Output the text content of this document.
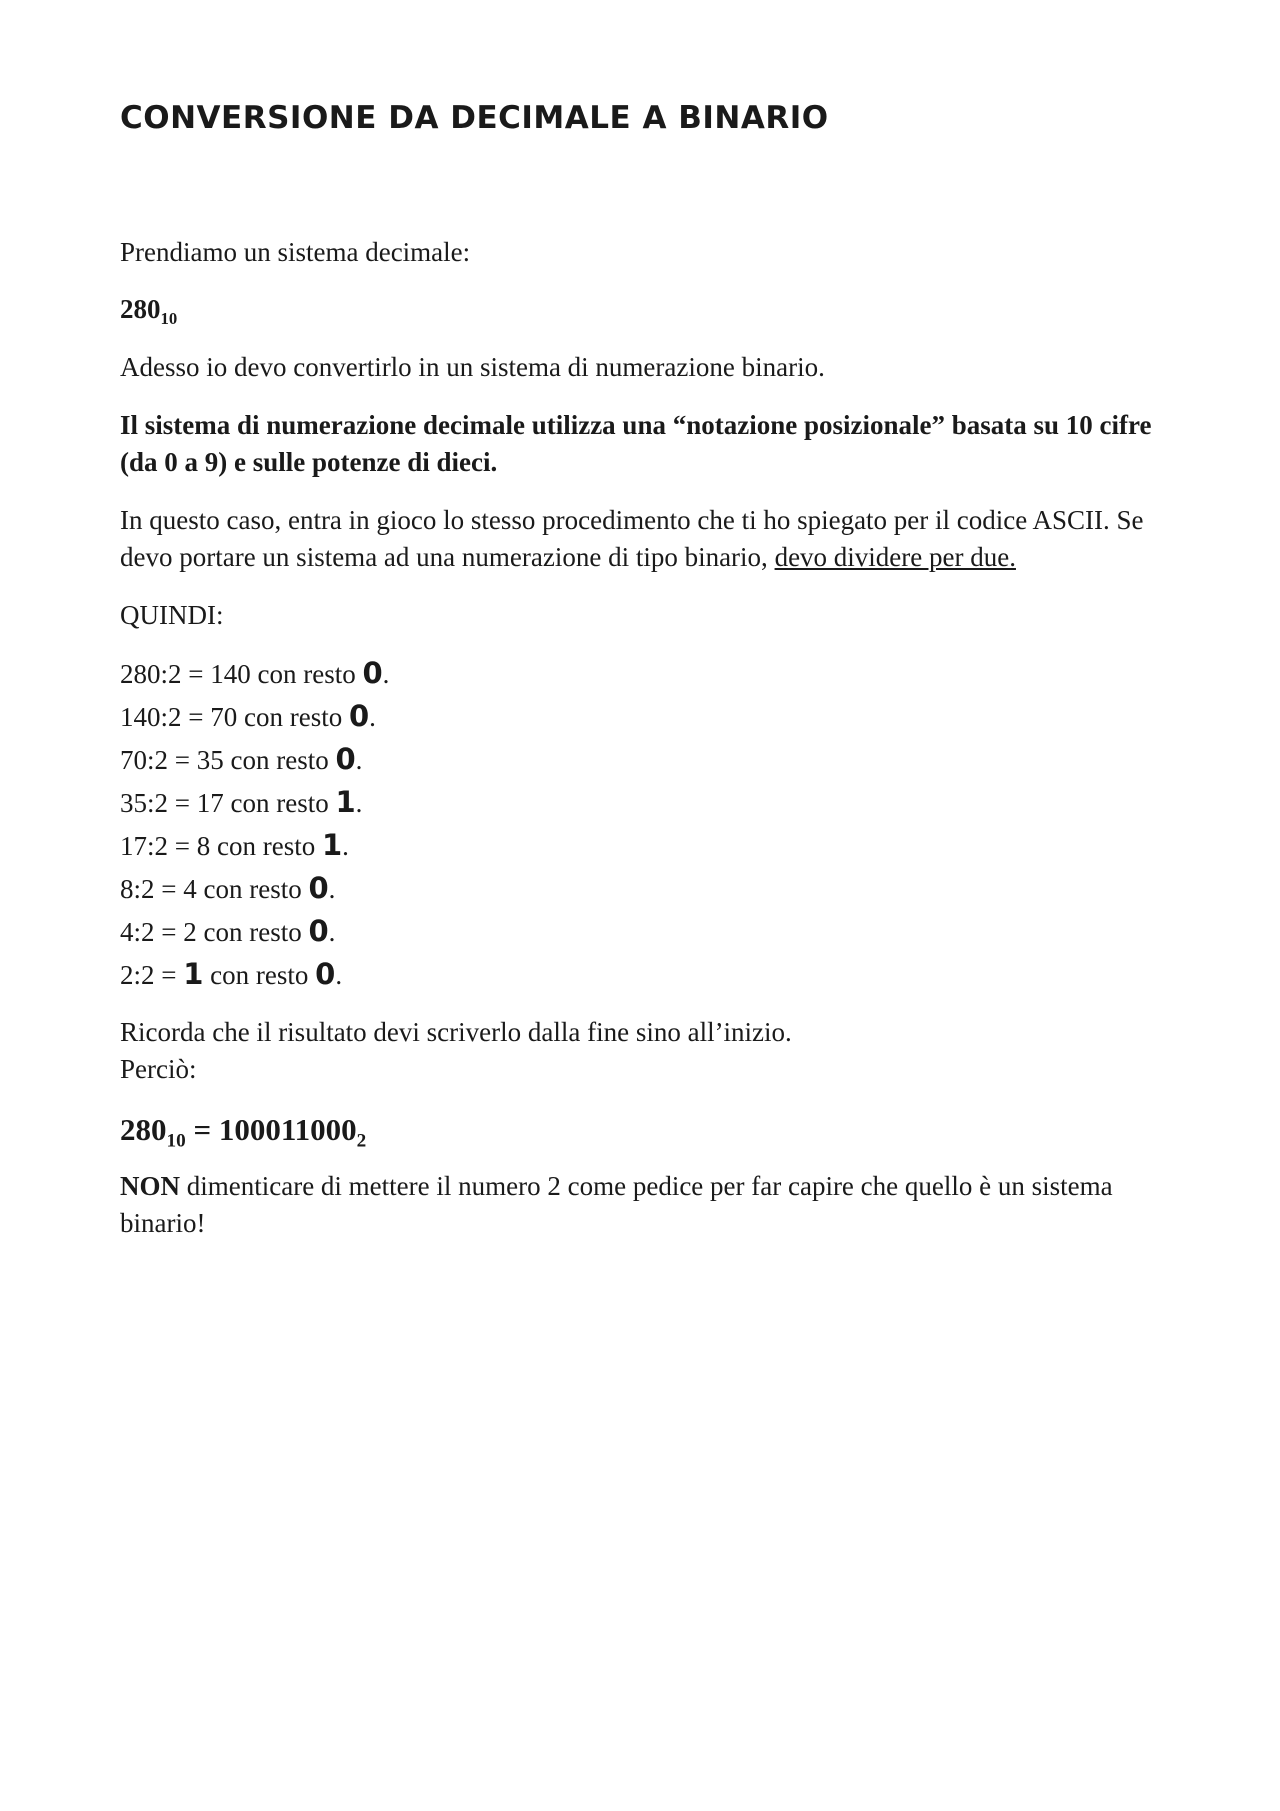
CONVERSIONE DA DECIMALE A BINARIO

Prendiamo un sistema decimale:

$280_{10}$

Adesso io devo convertirlo in un sistema di numerazione binario.

Il sistema di numerazione decimale utilizza una “notazione posizionale” basata su 10 cifre (da 0 a 9) e sulle potenze di dieci.

In questo caso, entra in gioco lo stesso procedimento che ti ho spiegato per il codice ASCII. Se devo portare un sistema ad una numerazione di tipo binario, devo dividere per due.

QUINDI:

280:2 = 140 con resto 0.

140:2 = 70 con resto 0.

70:2 = 35 con resto 0.

35:2 = 17 con resto 1.

17:2 = 8 con resto 1.

8:2 = 4 con resto 0.

4:2 = 2 con resto 0.

2:2 = 1 con resto 0.

Ricorda che il risultato devi scriverlo dalla fine sino all’inizio.

Perciò:

$280_{10} = 100011000_2$

NON dimenticare di mettere il numero 2 come pedice per far capire che quello è un sistema binario!
